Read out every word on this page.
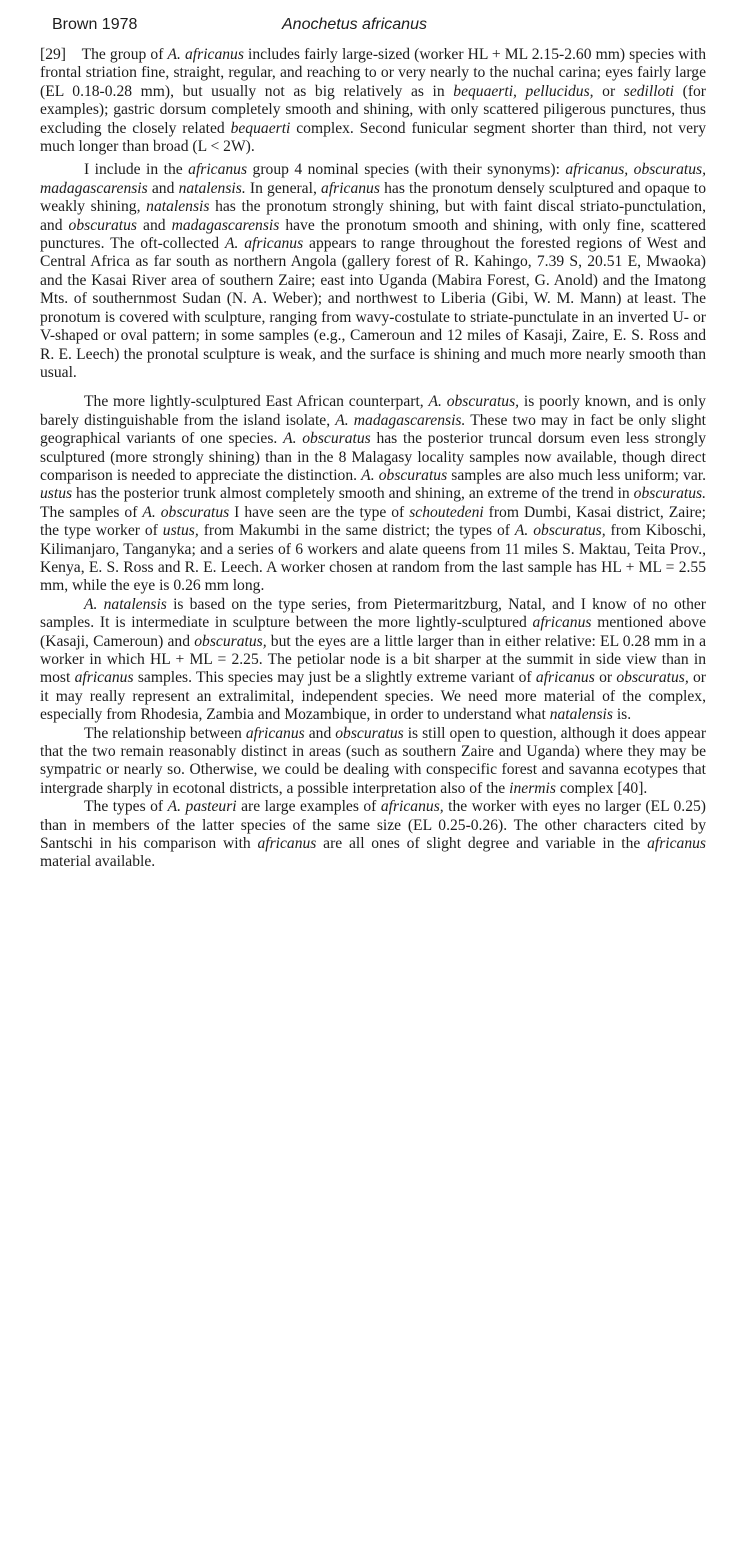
Brown 1978	Anochetus africanus

[29] The group of A. africanus includes fairly large-sized (worker HL + ML 2.15-2.60 mm) species with frontal striation fine, straight, regular, and reaching to or very nearly to the nuchal carina; eyes fairly large (EL 0.18-0.28 mm), but usually not as big relatively as in bequaerti, pellucidus, or sedilloti (for examples); gastric dorsum completely smooth and shining, with only scattered piligerous punctures, thus excluding the closely related bequaerti complex. Second funicular segment shorter than third, not very much longer than broad (L < 2W).

I include in the africanus group 4 nominal species (with their synonyms): africanus, obscuratus, madagascarensis and natalensis. In general, africanus has the pronotum densely sculptured and opaque to weakly shining, natalensis has the pronotum strongly shining, but with faint discal striato-punctulation, and obscuratus and madagascarensis have the pronotum smooth and shining, with only fine, scattered punctures. The oft-collected A. africanus appears to range throughout the forested regions of West and Central Africa as far south as northern Angola (gallery forest of R. Kahingo, 7.39 S, 20.51 E, Mwaoka) and the Kasai River area of southern Zaire; east into Uganda (Mabira Forest, G. Anold) and the Imatong Mts. of southernmost Sudan (N. A. Weber); and northwest to Liberia (Gibi, W. M. Mann) at least. The pronotum is covered with sculpture, ranging from wavy-costulate to striate-punctulate in an inverted U- or V-shaped or oval pattern; in some samples (e.g., Cameroun and 12 miles of Kasaji, Zaire, E. S. Ross and R. E. Leech) the pronotal sculpture is weak, and the surface is shining and much more nearly smooth than usual.

The more lightly-sculptured East African counterpart, A. obscuratus, is poorly known, and is only barely distinguishable from the island isolate, A. madagascarensis. These two may in fact be only slight geographical variants of one species. A. obscuratus has the posterior truncal dorsum even less strongly sculptured (more strongly shining) than in the 8 Malagasy locality samples now available, though direct comparison is needed to appreciate the distinction. A. obscuratus samples are also much less uniform; var. ustus has the posterior trunk almost completely smooth and shining, an extreme of the trend in obscuratus. The samples of A. obscuratus I have seen are the type of schoutedeni from Dumbi, Kasai district, Zaire; the type worker of ustus, from Makumbi in the same district; the types of A. obscuratus, from Kiboschi, Kilimanjaro, Tanganyka; and a series of 6 workers and alate queens from 11 miles S. Maktau, Teita Prov., Kenya, E. S. Ross and R. E. Leech. A worker chosen at random from the last sample has HL + ML = 2.55 mm, while the eye is 0.26 mm long.

A. natalensis is based on the type series, from Pietermaritzburg, Natal, and I know of no other samples. It is intermediate in sculpture between the more lightly-sculptured africanus mentioned above (Kasaji, Cameroun) and obscuratus, but the eyes are a little larger than in either relative: EL 0.28 mm in a worker in which HL + ML = 2.25. The petiolar node is a bit sharper at the summit in side view than in most africanus samples. This species may just be a slightly extreme variant of africanus or obscuratus, or it may really represent an extralimital, independent species. We need more material of the complex, especially from Rhodesia, Zambia and Mozambique, in order to understand what natalensis is.

The relationship between africanus and obscuratus is still open to question, although it does appear that the two remain reasonably distinct in areas (such as southern Zaire and Uganda) where they may be sympatric or nearly so. Otherwise, we could be dealing with conspecific forest and savanna ecotypes that intergrade sharply in ecotonal districts, a possible interpretation also of the inermis complex [40].

The types of A. pasteuri are large examples of africanus, the worker with eyes no larger (EL 0.25) than in members of the latter species of the same size (EL 0.25-0.26). The other characters cited by Santschi in his comparison with africanus are all ones of slight degree and variable in the africanus material available.
